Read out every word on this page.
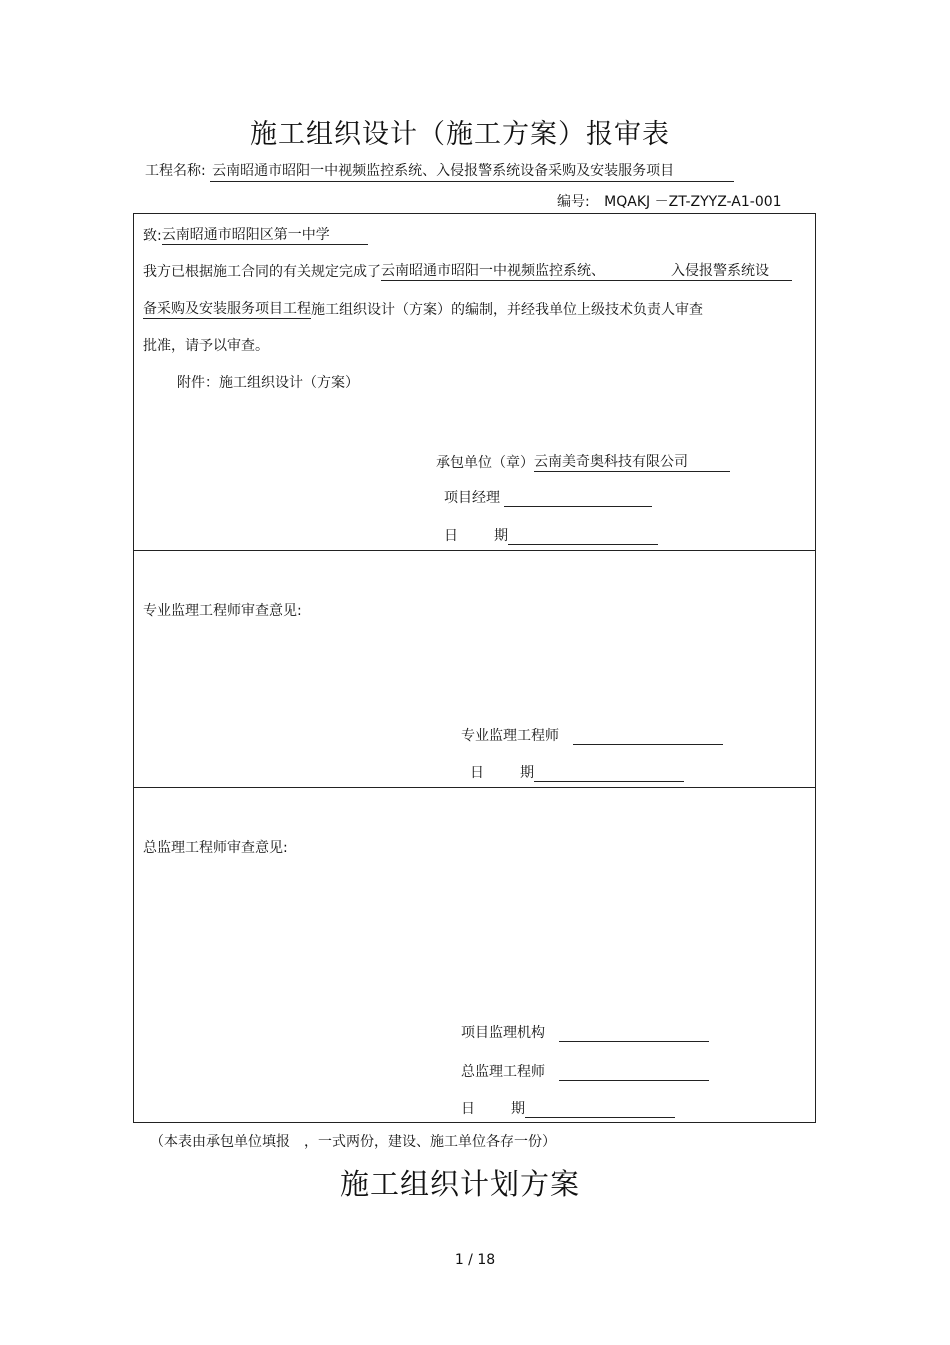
施工组织设计（施工方案）报审表
工程名称: 云南昭通市昭阳一中视频监控系统、入侵报警系统设备采购及安装服务项目
编号: MQAKJ －ZT-ZYYZ-A1-001
致:云南昭通市昭阳区第一中学
我方已根据施工合同的有关规定完成了云南昭通市昭阳一中视频监控系统、	入侵报警系统设
备采购及安装服务项目工程施工组织设计（方案）的编制，并经我单位上级技术负责人审查
批准，请予以审查。
附件：施工组织设计（方案）
承包单位（章）云南美奇奥科技有限公司
项目经理
日	期
专业监理工程师审查意见:
专业监理工程师
日	期
总监理工程师审查意见:
项目监理机构
总监理工程师
日	期
（本表由承包单位填报　，一式两份，建设、施工单位各存一份）
施工组织计划方案
1 / 18
